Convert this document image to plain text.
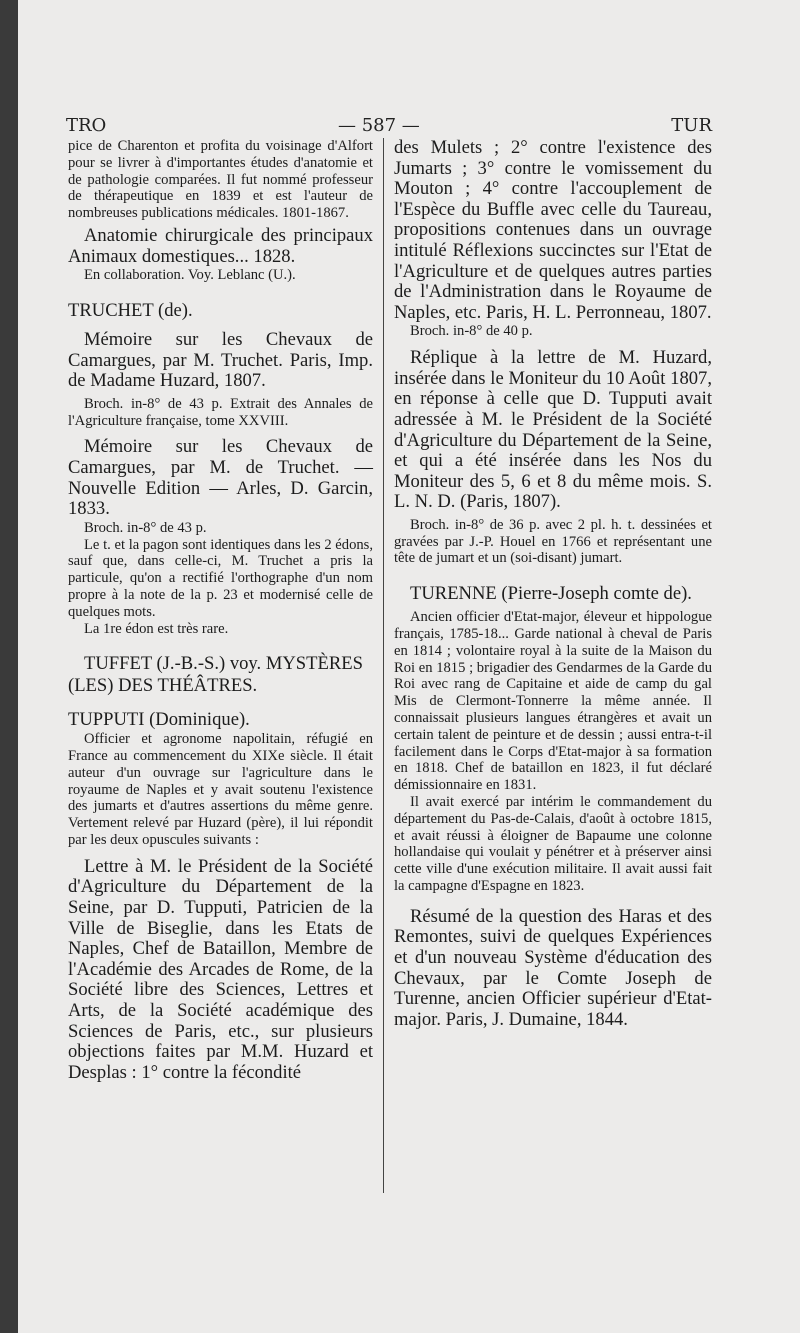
TRO	— 587 —	TUR

pice de Charenton et profita du voisinage d'Alfort pour se livrer à d'importantes études d'anatomie et de pathologie comparées. Il fut nommé professeur de thérapeutique en 1839 et est l'auteur de nombreuses publications médicales. 1801-1867.

Anatomie chirurgicale des principaux Animaux domestiques... 1828.

En collaboration. Voy. Leblanc (U.).

TRUCHET (de).

Mémoire sur les Chevaux de Camargues, par M. Truchet. Paris, Imp. de Madame Huzard, 1807.

Broch. in-8° de 43 p. Extrait des Annales de l'Agriculture française, tome XXVIII.

Mémoire sur les Chevaux de Camargues, par M. de Truchet. — Nouvelle Edition — Arles, D. Garcin, 1833.

Broch. in-8° de 43 p.

Le t. et la pagon sont identiques dans les 2 édons, sauf que, dans celle-ci, M. Truchet a pris la particule, qu'on a rectifié l'orthographe d'un nom propre à la note de la p. 23 et modernisé celle de quelques mots.

La 1re édon est très rare.

TUFFET (J.-B.-S.) voy. MYSTÈRES (LES) DES THÉÂTRES.

TUPPUTI (Dominique).

Officier et agronome napolitain, réfugié en France au commencement du XIXe siècle. Il était auteur d'un ouvrage sur l'agriculture dans le royaume de Naples et y avait soutenu l'existence des jumarts et d'autres assertions du même genre. Vertement relevé par Huzard (père), il lui répondit par les deux opuscules suivants :

Lettre à M. le Président de la Société d'Agriculture du Département de la Seine, par D. Tupputi, Patricien de la Ville de Biseglie, dans les Etats de Naples, Chef de Bataillon, Membre de l'Académie des Arcades de Rome, de la Société libre des Sciences, Lettres et Arts, de la Société académique des Sciences de Paris, etc., sur plusieurs objections faites par M.M. Huzard et Desplas : 1° contre la fécondité

des Mulets ; 2° contre l'existence des Jumarts ; 3° contre le vomissement du Mouton ; 4° contre l'accouplement de l'Espèce du Buffle avec celle du Taureau, propositions contenues dans un ouvrage intitulé Réflexions succinctes sur l'Etat de l'Agriculture et de quelques autres parties de l'Administration dans le Royaume de Naples, etc. Paris, H. L. Perronneau, 1807.

Broch. in-8° de 40 p.

Réplique à la lettre de M. Huzard, insérée dans le Moniteur du 10 Août 1807, en réponse à celle que D. Tupputi avait adressée à M. le Président de la Société d'Agriculture du Département de la Seine, et qui a été insérée dans les Nos du Moniteur des 5, 6 et 8 du même mois. S. L. N. D. (Paris, 1807).

Broch. in-8° de 36 p. avec 2 pl. h. t. dessinées et gravées par J.-P. Houel en 1766 et représentant une tête de jumart et un (soi-disant) jumart.

TURENNE (Pierre-Joseph comte de).

Ancien officier d'Etat-major, éleveur et hippologue français, 1785-18... Garde national à cheval de Paris en 1814 ; volontaire royal à la suite de la Maison du Roi en 1815 ; brigadier des Gendarmes de la Garde du Roi avec rang de Capitaine et aide de camp du gal Mis de Clermont-Tonnerre la même année. Il connaissait plusieurs langues étrangères et avait un certain talent de peinture et de dessin ; aussi entra-t-il facilement dans le Corps d'Etat-major à sa formation en 1818. Chef de bataillon en 1823, il fut déclaré démissionnaire en 1831.

Il avait exercé par intérim le commandement du département du Pas-de-Calais, d'août à octobre 1815, et avait réussi à éloigner de Bapaume une colonne hollandaise qui voulait y pénétrer et à préserver ainsi cette ville d'une exécution militaire. Il avait aussi fait la campagne d'Espagne en 1823.

Résumé de la question des Haras et des Remontes, suivi de quelques Expériences et d'un nouveau Système d'éducation des Chevaux, par le Comte Joseph de Turenne, ancien Officier supérieur d'Etat-major. Paris, J. Dumaine, 1844.
